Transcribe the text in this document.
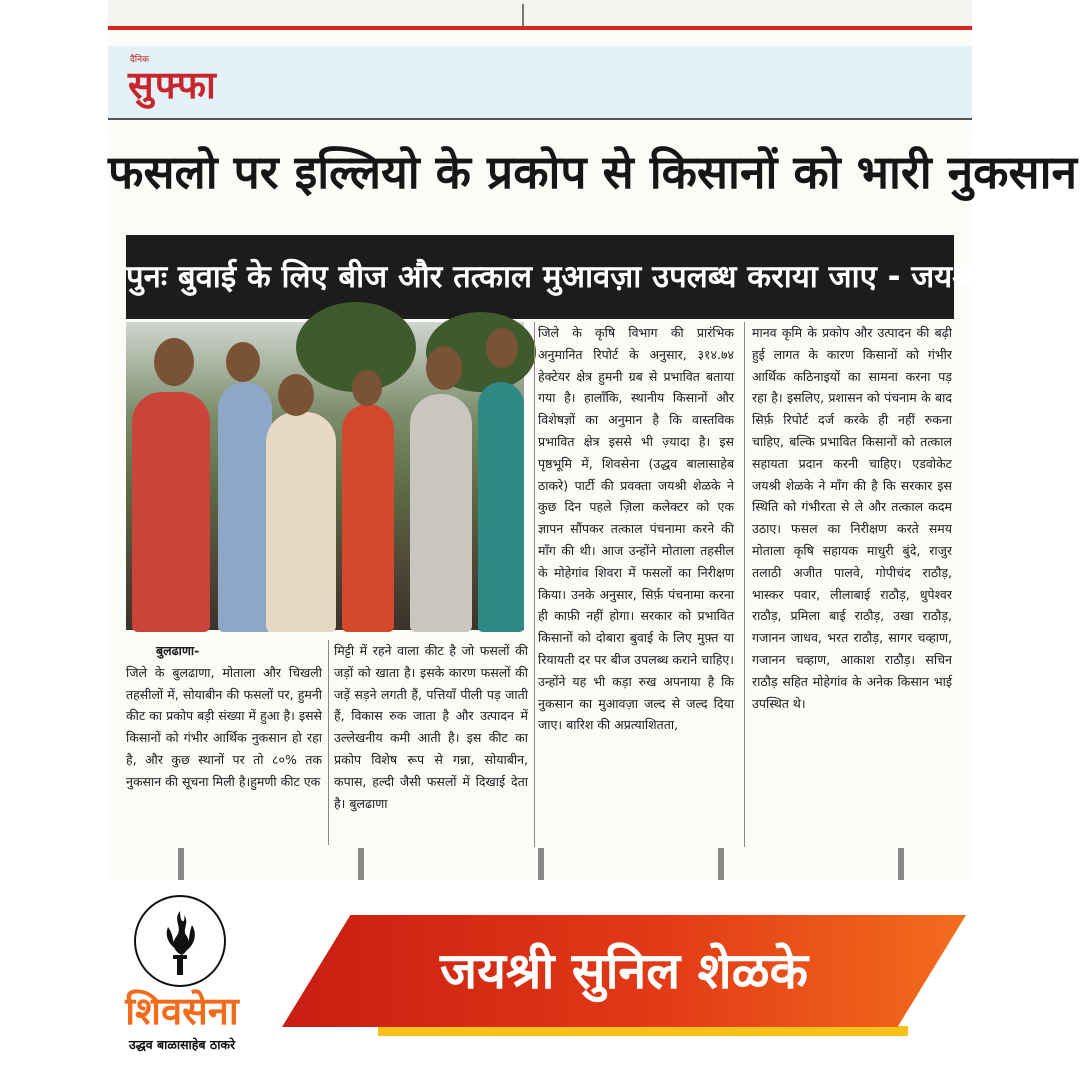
दैनिक
सुफ्फा
फसलो पर इल्लियो के प्रकोप से किसानों को भारी नुकसान
पुनः बुवाई के लिए बीज और तत्काल मुआवज़ा उपलब्ध कराया जाए - जयश्री शेलके
बुलढाणा-

जिले के बुलढाणा, मोताला और चिखली तहसीलों में, सोयाबीन की फसलों पर, हुमनी कीट का प्रकोप बड़ी संख्या में हुआ है। इससे किसानों को गंभीर आर्थिक नुकसान हो रहा है, और कुछ स्थानों पर तो ८०% तक नुकसान की सूचना मिली है।हुमणी कीट एक

मिट्टी में रहने वाला कीट है जो फसलों की जड़ों को खाता है। इसके कारण फसलों की जड़ें सड़ने लगती हैं, पत्तियाँ पीली पड़ जाती हैं, विकास रुक जाता है और उत्पादन में उल्लेखनीय कमी आती है। इस कीट का प्रकोप विशेष रूप से गन्ना, सोयाबीन, कपास, हल्दी जैसी फसलों में दिखाई देता है। बुलढाणा

जिले के कृषि विभाग की प्रारंभिक अनुमानित रिपोर्ट के अनुसार, ३१४.७४ हेक्टेयर क्षेत्र हुमनी ग्रब से प्रभावित बताया गया है। हालाँकि, स्थानीय किसानों और विशेषज्ञों का अनुमान है कि वास्तविक प्रभावित क्षेत्र इससे भी ज़्यादा है। इस पृष्ठभूमि में, शिवसेना (उद्धव बालासाहेब ठाकरे) पार्टी की प्रवक्ता जयश्री शेळके ने कुछ दिन पहले ज़िला कलेक्टर को एक ज्ञापन सौंपकर तत्काल पंचनामा करने की माँग की थी। आज उन्होंने मोताला तहसील के मोहेगांव शिवरा में फसलों का निरीक्षण किया। उनके अनुसार, सिर्फ़ पंचनामा करना ही काफ़ी नहीं होगा। सरकार को प्रभावित किसानों को दोबारा बुवाई के लिए मुफ़्त या रियायती दर पर बीज उपलब्ध कराने चाहिए। उन्होंने यह भी कड़ा रुख अपनाया है कि नुकसान का मुआवज़ा जल्द से जल्द दिया जाए। बारिश की अप्रत्याशितता,

मानव कृमि के प्रकोप और उत्पादन की बढ़ी हुई लागत के कारण किसानों को गंभीर आर्थिक कठिनाइयों का सामना करना पड़ रहा है। इसलिए, प्रशासन को पंचनाम के बाद सिर्फ़ रिपोर्ट दर्ज करके ही नहीं रुकना चाहिए, बल्कि प्रभावित किसानों को तत्काल सहायता प्रदान करनी चाहिए। एडवोकेट जयश्री शेळके ने माँग की है कि सरकार इस स्थिति को गंभीरता से ले और तत्काल कदम उठाए। फसल का निरीक्षण करते समय मोताला कृषि सहायक माधुरी बुंदे, राजुर तलाठी अजीत पालवे, गोपीचंद राठौड़, भास्कर पवार, लीलाबाई राठौड़, धुपेश्वर राठौड़, प्रमिला बाई राठौड़, उखा राठौड़, गजानन जाधव, भरत राठौड़, सागर चव्हाण, गजानन चव्हाण, आकाश राठौड़। सचिन राठौड़ सहित मोहेगांव के अनेक किसान भाई उपस्थित थे।

शिवसेना
उद्धव बाळासाहेब ठाकरे
जयश्री सुनिल शेळके
